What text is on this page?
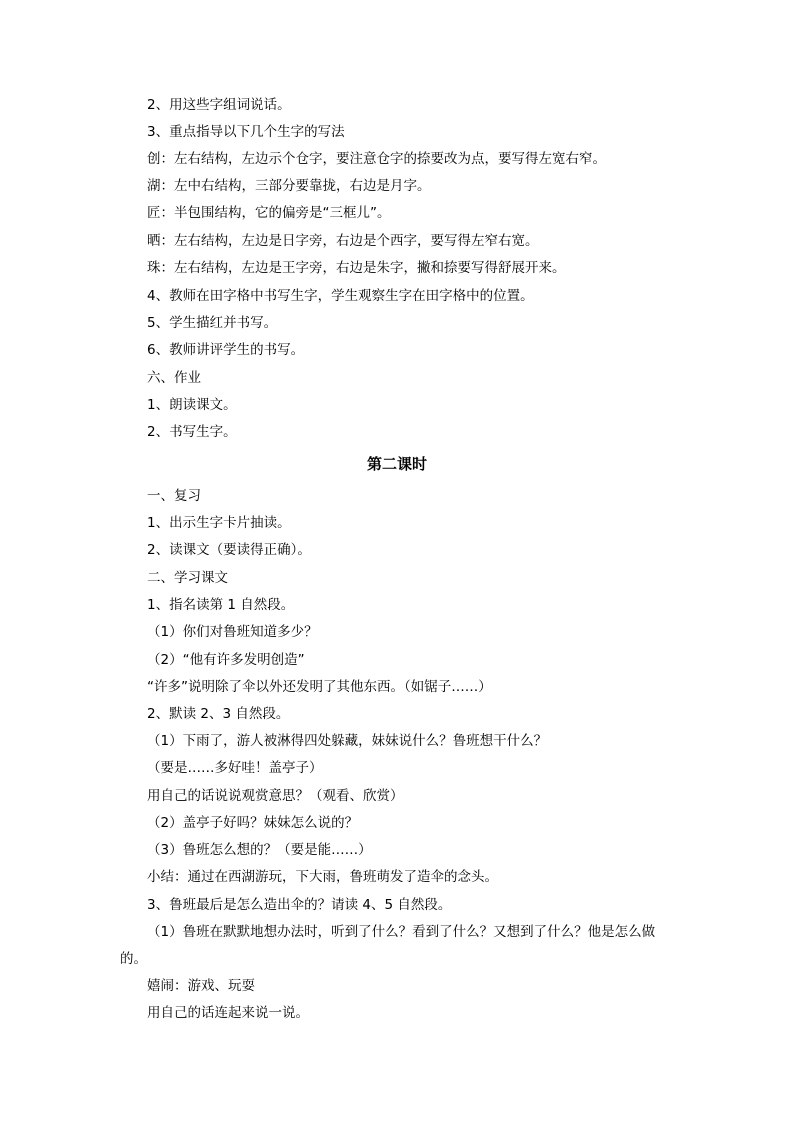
2、用这些字组词说话。
3、重点指导以下几个生字的写法
创：左右结构，左边示个仓字，要注意仓字的捺要改为点，要写得左宽右窄。
湖：左中右结构，三部分要靠拢，右边是月字。
匠：半包围结构，它的偏旁是“三框儿”。
晒：左右结构，左边是日字旁，右边是个西字，要写得左窄右宽。
珠：左右结构，左边是王字旁，右边是朱字，撇和捺要写得舒展开来。
4、教师在田字格中书写生字，学生观察生字在田字格中的位置。
5、学生描红并书写。
6、教师讲评学生的书写。
六、作业
1、朗读课文。
2、书写生字。
第二课时
一、复习
1、出示生字卡片抽读。
2、读课文（要读得正确）。
二、学习课文
1、指名读第 1 自然段。
（1）你们对鲁班知道多少？
（2）“他有许多发明创造”
“许多”说明除了伞以外还发明了其他东西。（如锯子……）
2、默读 2、3 自然段。
（1）下雨了，游人被淋得四处躲藏，妹妹说什么？鲁班想干什么？
（要是……多好哇！盖亭子）
用自己的话说说观赏意思？（观看、欣赏）
（2）盖亭子好吗？妹妹怎么说的？
（3）鲁班怎么想的？（要是能……）
小结：通过在西湖游玩，下大雨，鲁班萌发了造伞的念头。
3、鲁班最后是怎么造出伞的？请读 4、5 自然段。
（1）鲁班在默默地想办法时，听到了什么？看到了什么？又想到了什么？他是怎么做
的。
嬉闹：游戏、玩耍
用自己的话连起来说一说。
